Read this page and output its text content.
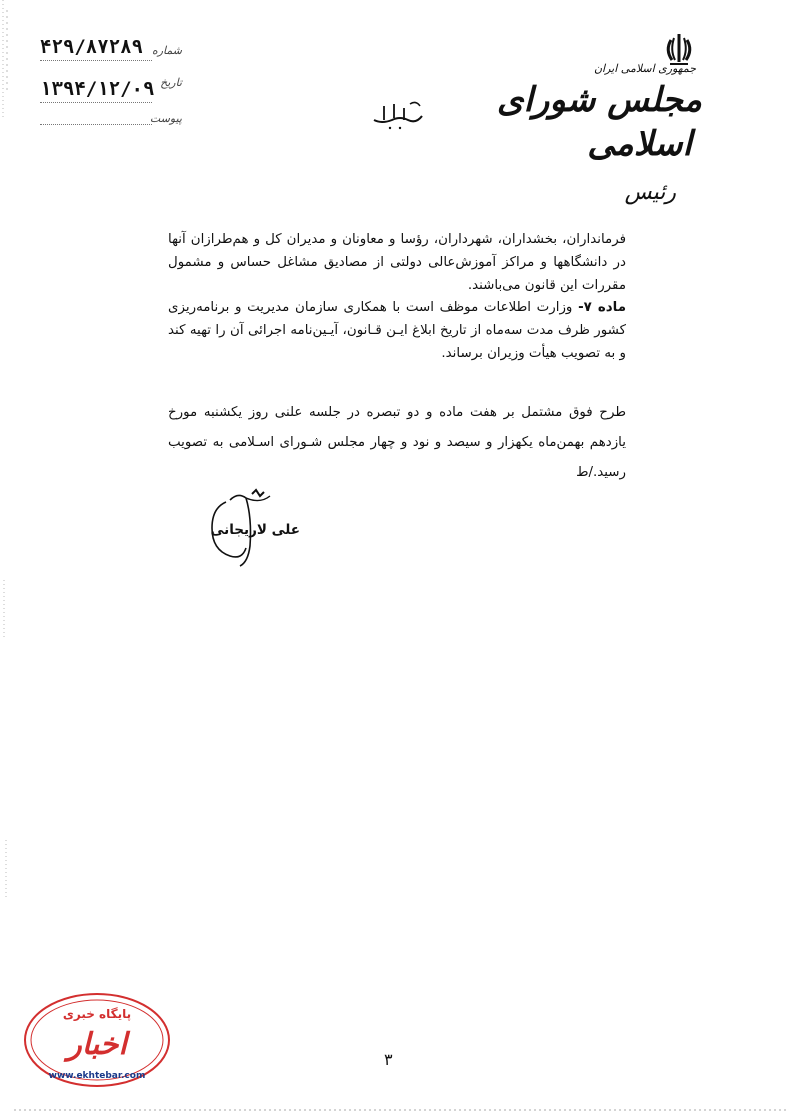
۴۲۹/۸۷۲۸۹ شماره
۱۳۹۴/۱۲/۰۹ تاریخ
پیوست
جمهوری اسلامی ایران
مجلس شورای
اسلامی
رئیس
فرمانداران، بخشداران، شهرداران، رؤسا و معاونان و مدیران کل و هم‌طرازان آنها در دانشگاهها و مراکز آموزش‌عالی دولتی از مصادیق مشاغل حساس و مشمول مقررات این قانون می‌باشند.
ماده ۷- وزارت اطلاعات موظف است با همکاری سازمان مدیریت و برنامه‌ریزی کشور ظرف مدت سه‌ماه از تاریخ ابلاغ ایـن قـانون، آیـین‌نامه اجرائی آن را تهیه کند و به تصویب هیأت وزیران برساند.
طرح فوق مشتمل بر هفت ماده و دو تبصره در جلسه علنی روز یکشنبه مورخ یازدهم بهمن‌ماه یکهزار و سیصد و نود و چهار مجلس شـورای اسـلامی به تصویب رسید./ط
علی لاریجانی
۳
پایگاه خبری
اخبار
www.ekhtebar.com
